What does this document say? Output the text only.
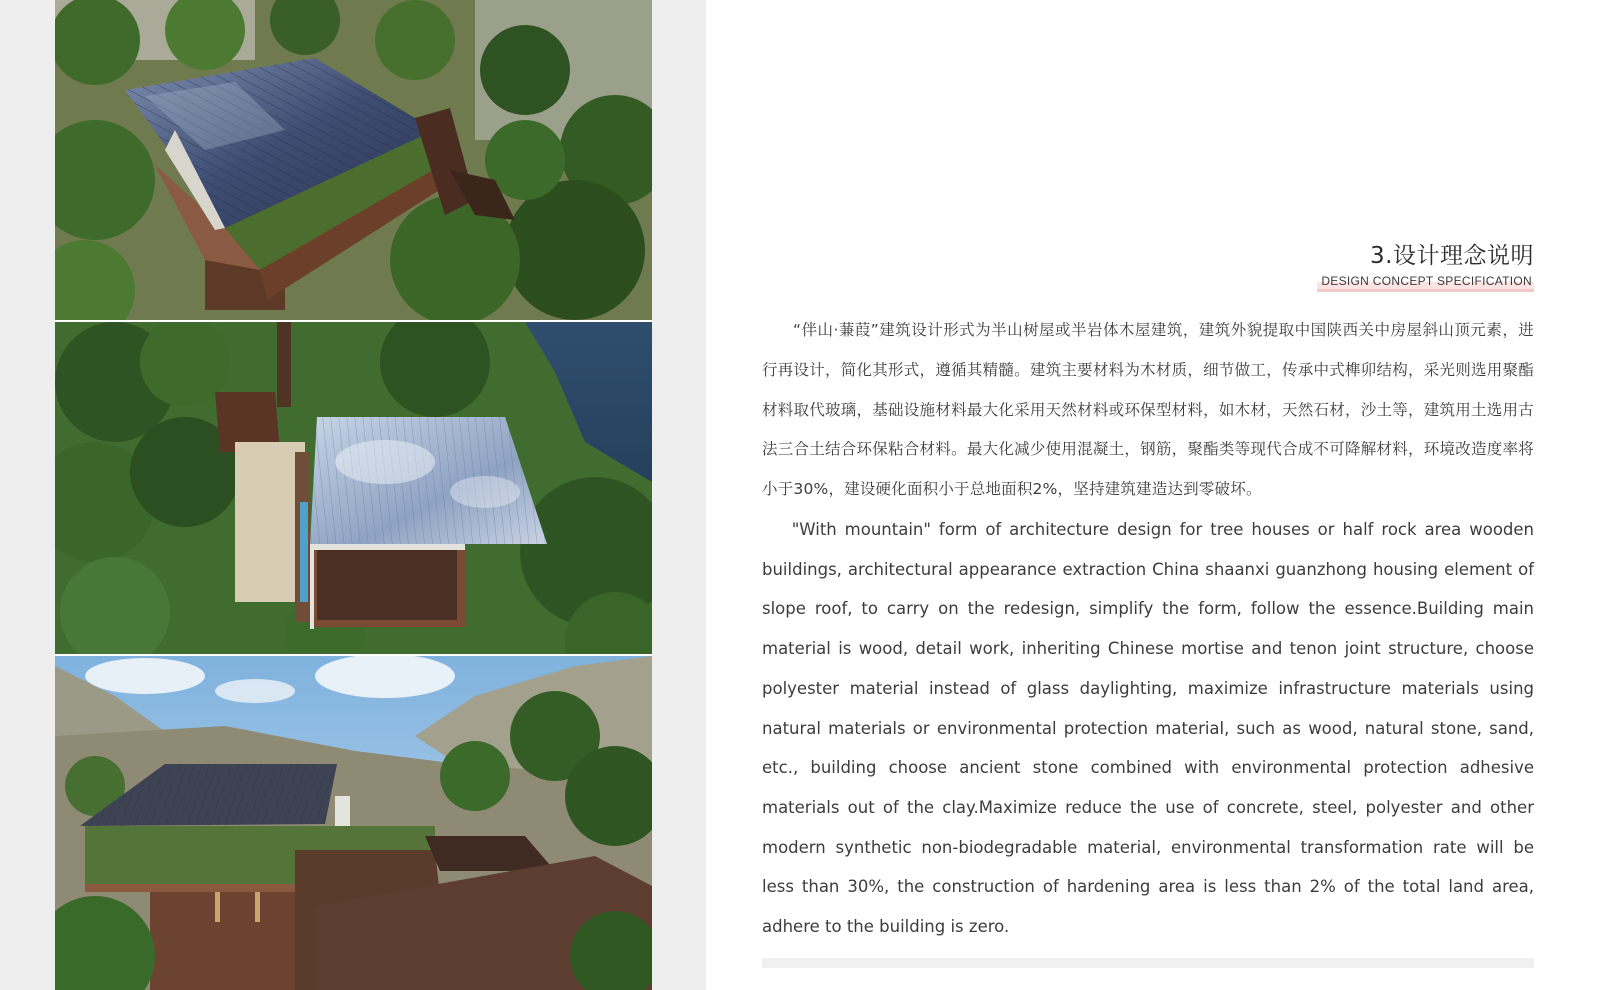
3.设计理念说明
DESIGN CONCEPT SPECIFICATION

“伴山·蒹葭”建筑设计形式为半山树屋或半岩体木屋建筑，建筑外貌提取中国陕西关中房屋斜山顶元素，进行再设计，简化其形式，遵循其精髓。建筑主要材料为木材质，细节做工，传承中式榫卯结构，采光则选用聚酯材料取代玻璃，基础设施材料最大化采用天然材料或环保型材料，如木材，天然石材，沙土等，建筑用土选用古法三合土结合环保粘合材料。最大化减少使用混凝土，钢筋，聚酯类等现代合成不可降解材料，环境改造度率将小于30%，建设硬化面积小于总地面积2%，坚持建筑建造达到零破坏。

"With mountain" form of architecture design for tree houses or half rock area wooden buildings, architectural appearance extraction China shaanxi guanzhong housing element of slope roof, to carry on the redesign, simplify the form, follow the essence.Building main material is wood, detail work, inheriting Chinese mortise and tenon joint structure, choose polyester material instead of glass daylighting, maximize infrastructure materials using natural materials or environmental protection material, such as wood, natural stone, sand, etc., building choose ancient stone combined with environmental protection adhesive materials out of the clay.Maximize reduce the use of concrete, steel, polyester and other modern synthetic non-biodegradable material, environmental transformation rate will be less than 30%, the construction of hardening area is less than 2% of the total land area, adhere to the building is zero.
